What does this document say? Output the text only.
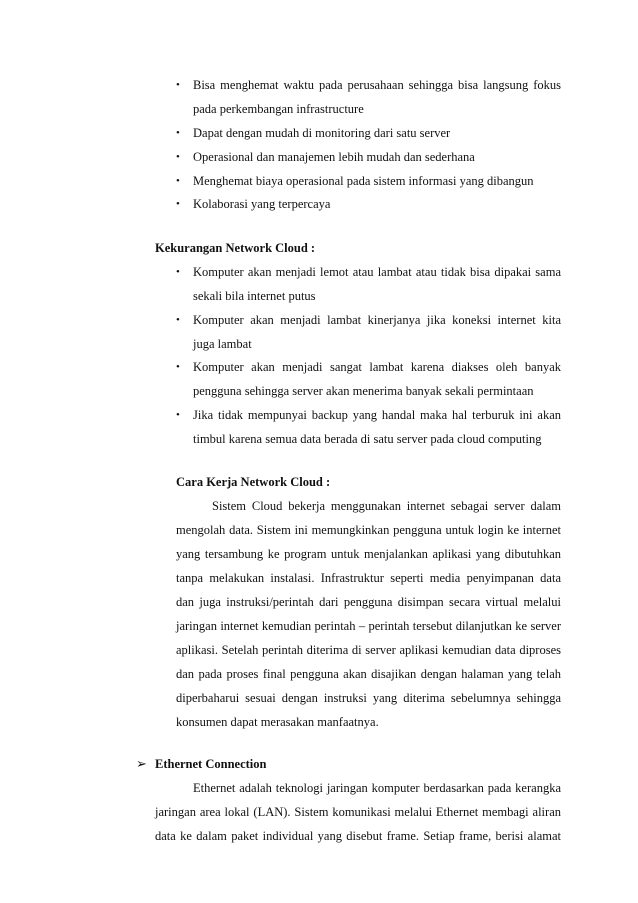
• Bisa menghemat waktu pada perusahaan sehingga bisa langsung fokus
pada perkembangan infrastructure
• Dapat dengan mudah di monitoring dari satu server
• Operasional dan manajemen lebih mudah dan sederhana
• Menghemat biaya operasional pada sistem informasi yang dibangun
• Kolaborasi yang terpercaya
Kekurangan Network Cloud :
• Komputer akan menjadi lemot atau lambat atau tidak bisa dipakai sama
sekali bila internet putus
• Komputer akan menjadi lambat kinerjanya jika koneksi internet kita
juga lambat
• Komputer akan menjadi sangat lambat karena diakses oleh banyak
pengguna sehingga server akan menerima banyak sekali permintaan
• Jika tidak mempunyai backup yang handal maka hal terburuk ini akan
timbul karena semua data berada di satu server pada cloud computing
Cara Kerja Network Cloud :
Sistem Cloud bekerja menggunakan internet sebagai server dalam
mengolah data. Sistem ini memungkinkan pengguna untuk login ke internet
yang tersambung ke program untuk menjalankan aplikasi yang dibutuhkan
tanpa melakukan instalasi. Infrastruktur seperti media penyimpanan data
dan juga instruksi/perintah dari pengguna disimpan secara virtual melalui
jaringan internet kemudian perintah – perintah tersebut dilanjutkan ke server
aplikasi. Setelah perintah diterima di server aplikasi kemudian data diproses
dan pada proses final pengguna akan disajikan dengan halaman yang telah
diperbaharui sesuai dengan instruksi yang diterima sebelumnya sehingga
konsumen dapat merasakan manfaatnya.
➢ Ethernet Connection
Ethernet adalah teknologi jaringan komputer berdasarkan pada kerangka
jaringan area lokal (LAN). Sistem komunikasi melalui Ethernet membagi aliran
data ke dalam paket individual yang disebut frame. Setiap frame, berisi alamat
